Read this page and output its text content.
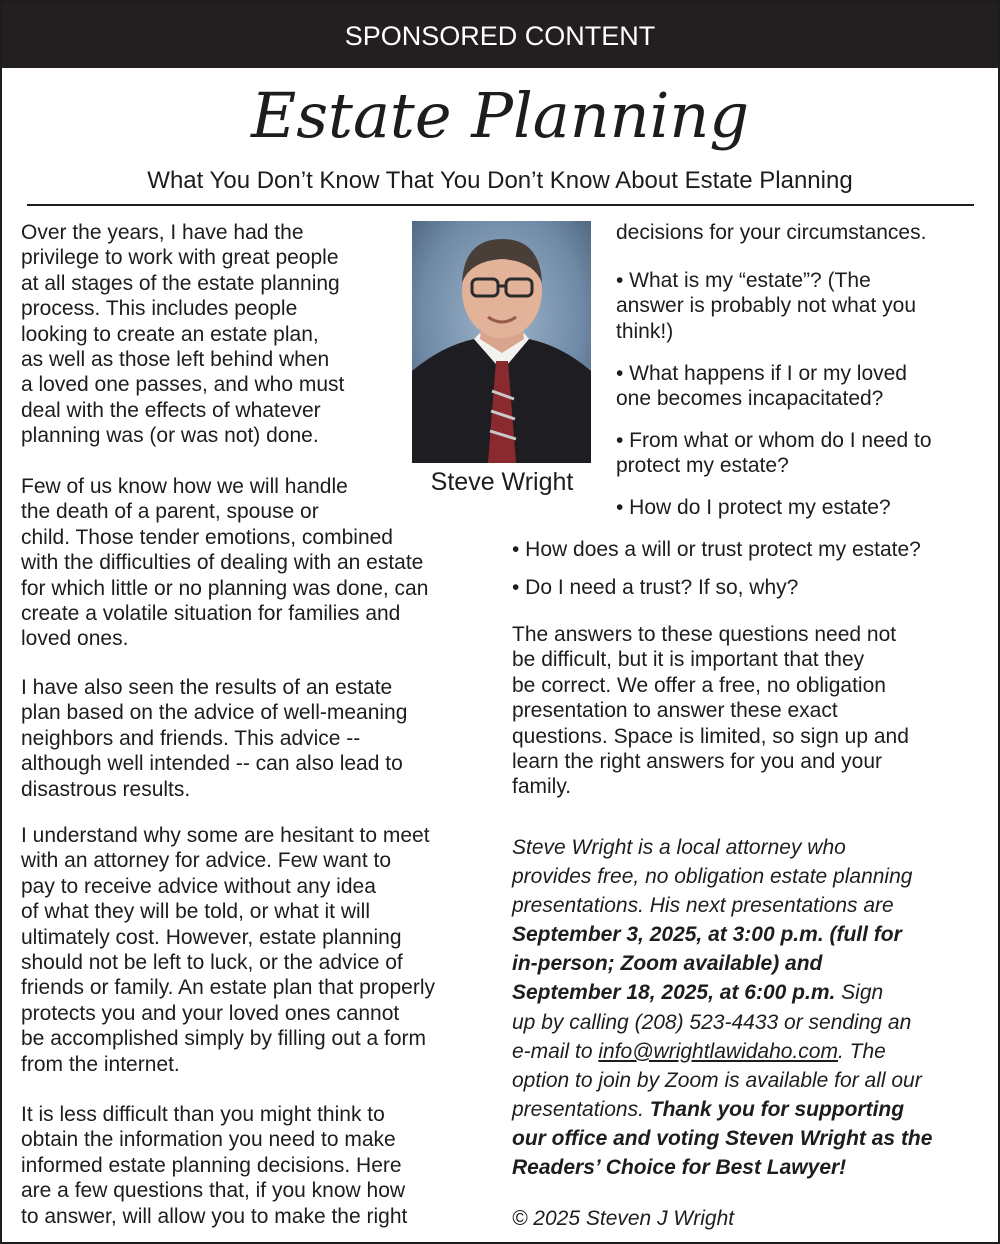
SPONSORED CONTENT
Estate Planning
What You Don’t Know That You Don’t Know About Estate Planning

Over the years, I have had the
privilege to work with great people
at all stages of the estate planning
process. This includes people
looking to create an estate plan,
as well as those left behind when
a loved one passes, and who must
deal with the effects of whatever
planning was (or was not) done.

Few of us know how we will handle
the death of a parent, spouse or
child. Those tender emotions, combined
with the difficulties of dealing with an estate
for which little or no planning was done, can
create a volatile situation for families and
loved ones.

I have also seen the results of an estate
plan based on the advice of well-meaning
neighbors and friends. This advice --
although well intended -- can also lead to
disastrous results.

I understand why some are hesitant to meet
with an attorney for advice. Few want to
pay to receive advice without any idea
of what they will be told, or what it will
ultimately cost. However, estate planning
should not be left to luck, or the advice of
friends or family. An estate plan that properly
protects you and your loved ones cannot
be accomplished simply by filling out a form
from the internet.

It is less difficult than you might think to
obtain the information you need to make
informed estate planning decisions. Here
are a few questions that, if you know how
to answer, will allow you to make the right

Steve Wright

decisions for your circumstances.

• What is my “estate”? (The
answer is probably not what you
think!)

• What happens if I or my loved
one becomes incapacitated?

• From what or whom do I need to
protect my estate?

• How do I protect my estate?

• How does a will or trust protect my estate?

• Do I need a trust? If so, why?

The answers to these questions need not
be difficult, but it is important that they
be correct. We offer a free, no obligation
presentation to answer these exact
questions. Space is limited, so sign up and
learn the right answers for you and your
family.

Steve Wright is a local attorney who
provides free, no obligation estate planning
presentations. His next presentations are
September 3, 2025, at 3:00 p.m. (full for
in-person; Zoom available) and
September 18, 2025, at 6:00 p.m. Sign
up by calling (208) 523-4433 or sending an
e-mail to info@wrightlawidaho.com. The
option to join by Zoom is available for all our
presentations. Thank you for supporting
our office and voting Steven Wright as the
Readers’ Choice for Best Lawyer!

© 2025 Steven J Wright
